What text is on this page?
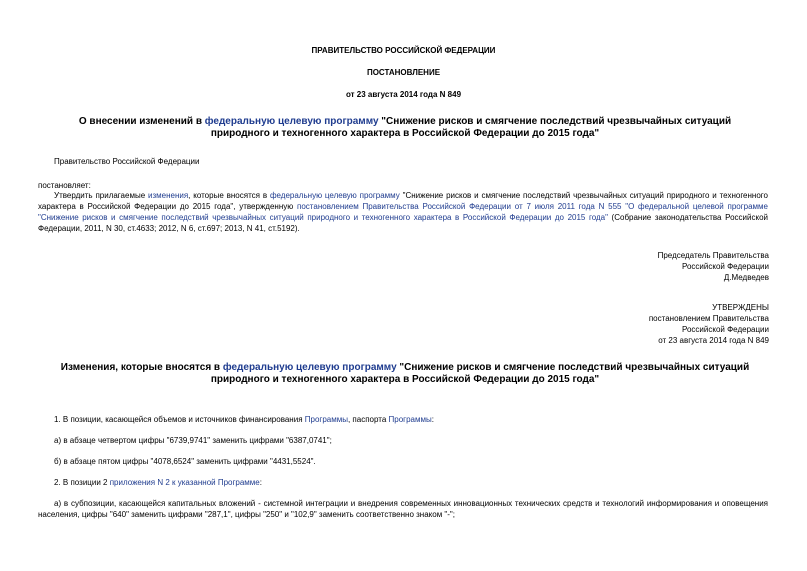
ПРАВИТЕЛЬСТВО РОССИЙСКОЙ ФЕДЕРАЦИИ
ПОСТАНОВЛЕНИЕ
от 23 августа 2014 года N 849
О внесении изменений в федеральную целевую программу "Снижение рисков и смягчение последствий чрезвычайных ситуаций природного и техногенного характера в Российской Федерации до 2015 года"
Правительство Российской Федерации
постановляет:
Утвердить прилагаемые изменения, которые вносятся в федеральную целевую программу "Снижение рисков и смягчение последствий чрезвычайных ситуаций природного и техногенного характера в Российской Федерации до 2015 года", утвержденную постановлением Правительства Российской Федерации от 7 июля 2011 года N 555 "О федеральной целевой программе "Снижение рисков и смягчение последствий чрезвычайных ситуаций природного и техногенного характера в Российской Федерации до 2015 года" (Собрание законодательства Российской Федерации, 2011, N 30, ст.4633; 2012, N 6, ст.697; 2013, N 41, ст.5192).
Председатель Правительства
Российской Федерации
Д.Медведев
УТВЕРЖДЕНЫ
постановлением Правительства
Российской Федерации
от 23 августа 2014 года N 849
Изменения, которые вносятся в федеральную целевую программу "Снижение рисков и смягчение последствий чрезвычайных ситуаций природного и техногенного характера в Российской Федерации до 2015 года"
1. В позиции, касающейся объемов и источников финансирования Программы, паспорта Программы:
а) в абзаце четвертом цифры "6739,9741" заменить цифрами "6387,0741";
б) в абзаце пятом цифры "4078,6524" заменить цифрами "4431,5524".
2. В позиции 2 приложения N 2 к указанной Программе:
а) в субпозиции, касающейся капитальных вложений - системной интеграции и внедрения современных инновационных технических средств и технологий информирования и оповещения населения, цифры "640" заменить цифрами "287,1", цифры "250" и "102,9" заменить соответственно знаком "-";
